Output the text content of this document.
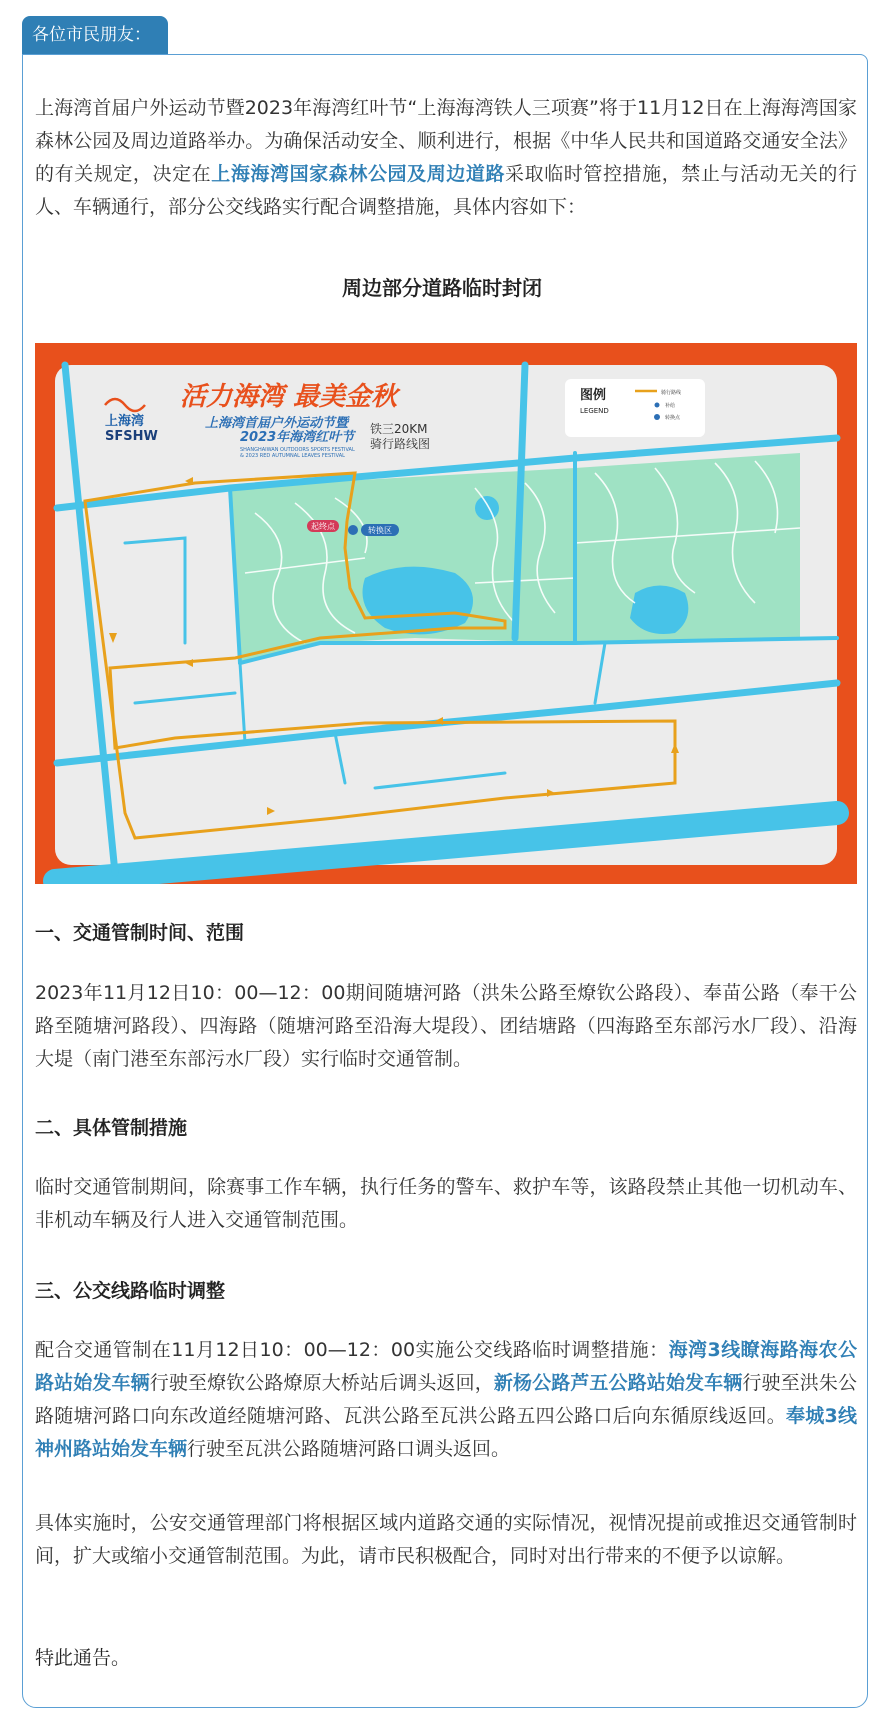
各位市民朋友：

上海湾首届户外运动节暨2023年海湾红叶节“上海海湾铁人三项赛”将于11月12日在上海海湾国家森林公园及周边道路举办。为确保活动安全、顺利进行，根据《中华人民共和国道路交通安全法》的有关规定，决定在上海海湾国家森林公园及周边道路采取临时管控措施，禁止与活动无关的行人、车辆通行，部分公交线路实行配合调整措施，具体内容如下：

周边部分道路临时封闭
起终点	转换区
上海湾
SFSHW
活力海湾 最美金秋
上海湾首届户外运动节暨
2023年海湾红叶节
SHANGHAIWAN OUTDOORS SPORTS FESTIVAL
& 2023 RED AUTUMNAL LEAVES FESTIVAL
铁三20KM
骑行路线图
图例
LEGEND
骑行路线
补给
转换点
一、交通管制时间、范围

2023年11月12日10：00—12：00期间随塘河路（洪朱公路至燎钦公路段）、奉苗公路（奉干公路至随塘河路段）、四海路（随塘河路至沿海大堤段）、团结塘路（四海路至东部污水厂段）、沿海大堤（南门港至东部污水厂段）实行临时交通管制。

二、具体管制措施

临时交通管制期间，除赛事工作车辆，执行任务的警车、救护车等，该路段禁止其他一切机动车、非机动车辆及行人进入交通管制范围。

三、公交线路临时调整

配合交通管制在11月12日10：00—12：00实施公交线路临时调整措施：海湾3线瞭海路海农公路站始发车辆行驶至燎钦公路燎原大桥站后调头返回，新杨公路芦五公路站始发车辆行驶至洪朱公路随塘河路口向东改道经随塘河路、瓦洪公路至瓦洪公路五四公路口后向东循原线返回。奉城3线神州路站始发车辆行驶至瓦洪公路随塘河路口调头返回。

具体实施时，公安交通管理部门将根据区域内道路交通的实际情况，视情况提前或推迟交通管制时间，扩大或缩小交通管制范围。为此，请市民积极配合，同时对出行带来的不便予以谅解。

特此通告。
